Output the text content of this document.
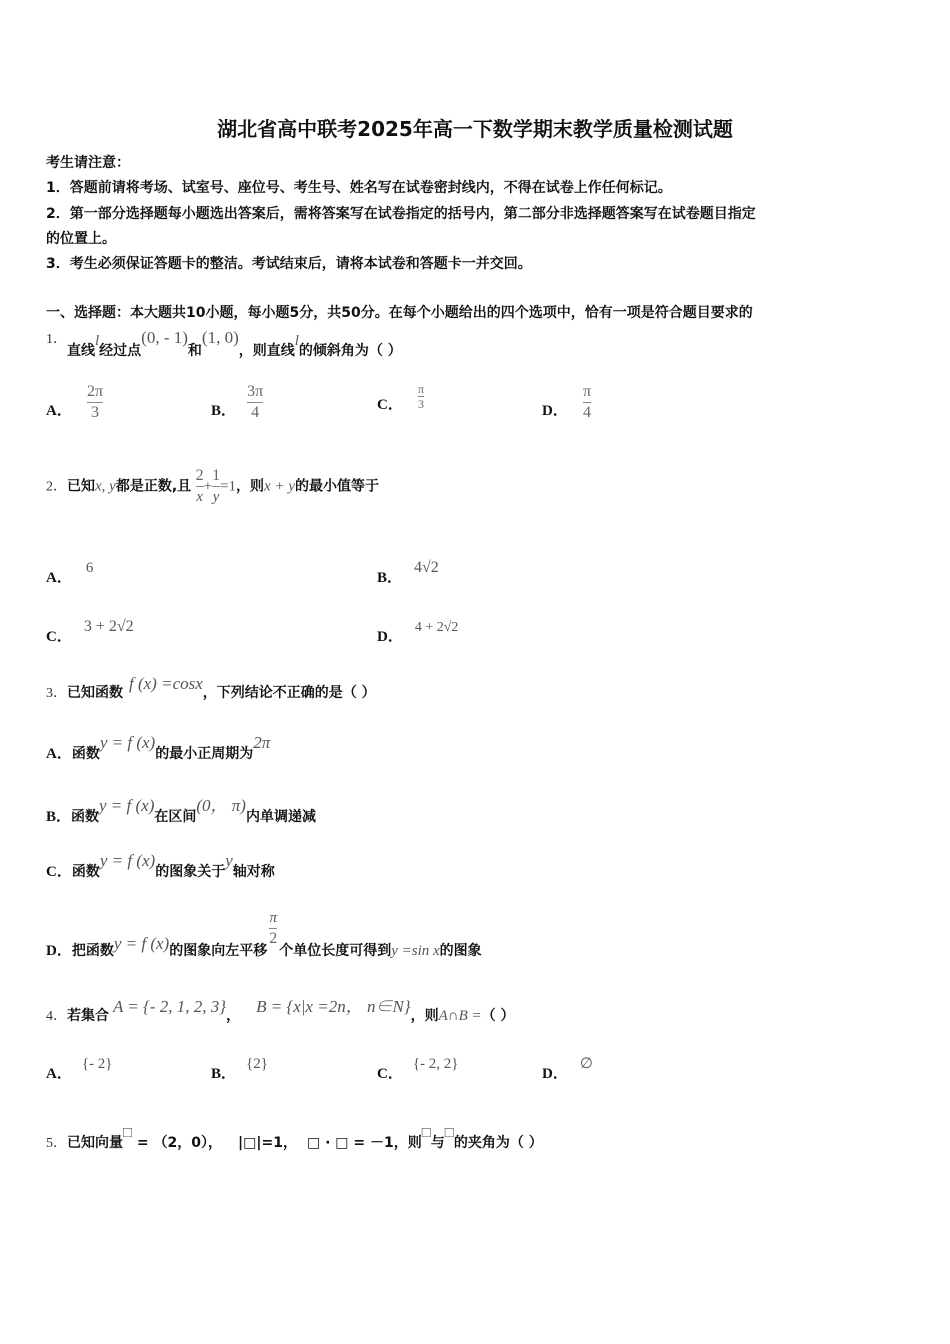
湖北省高中联考2025年高一下数学期末教学质量检测试题
考生请注意：
1．答题前请将考场、试室号、座位号、考生号、姓名写在试卷密封线内，不得在试卷上作任何标记。
2．第一部分选择题每小题选出答案后，需将答案写在试卷指定的括号内，第二部分非选择题答案写在试卷题目指定
的位置上。
3．考生必须保证答题卡的整洁。考试结束后，请将本试卷和答题卡一并交回。
一、选择题：本大题共10小题，每小题5分，共50分。在每个小题给出的四个选项中，恰有一项是符合题目要求的
1．直线l经过点(0, - 1)和(1, 0)，则直线l的倾斜角为（ ）
A． $\frac{2\pi}{3}$	B． $\frac{3\pi}{4}$	C． $\frac{\pi}{3}$	D． $\frac{\pi}{4}$
2．已知x, y都是正数,且 $\frac{2}{x} + \frac{1}{y} =1$，则x + y的最小值等于
A．6
B．4√2
C．3 + 2√2
D．4 + 2√2
3．已知函数 f (x) =cosx，下列结论不正确的是（ ）
A．函数y = f (x)的最小正周期为2π
B．函数y = f (x)在区间(0， π)内单调递减
C．函数y = f (x)的图象关于y轴对称
D．把函数y = f (x)的图象向左平移
$\frac{\pi}{2}$
个单位长度可得到y =sin x的图象
4．若集合 A = {- 2, 1, 2, 3}， B = {x|x =2n， n∈N}，则A∩B =（ ）
A．{- 2}
B．{2}
C．{- 2, 2}
D．∅
5．已知向量□ = （2，0）， |□|=1， □ · □ = －1，则□与□的夹角为（ ）
